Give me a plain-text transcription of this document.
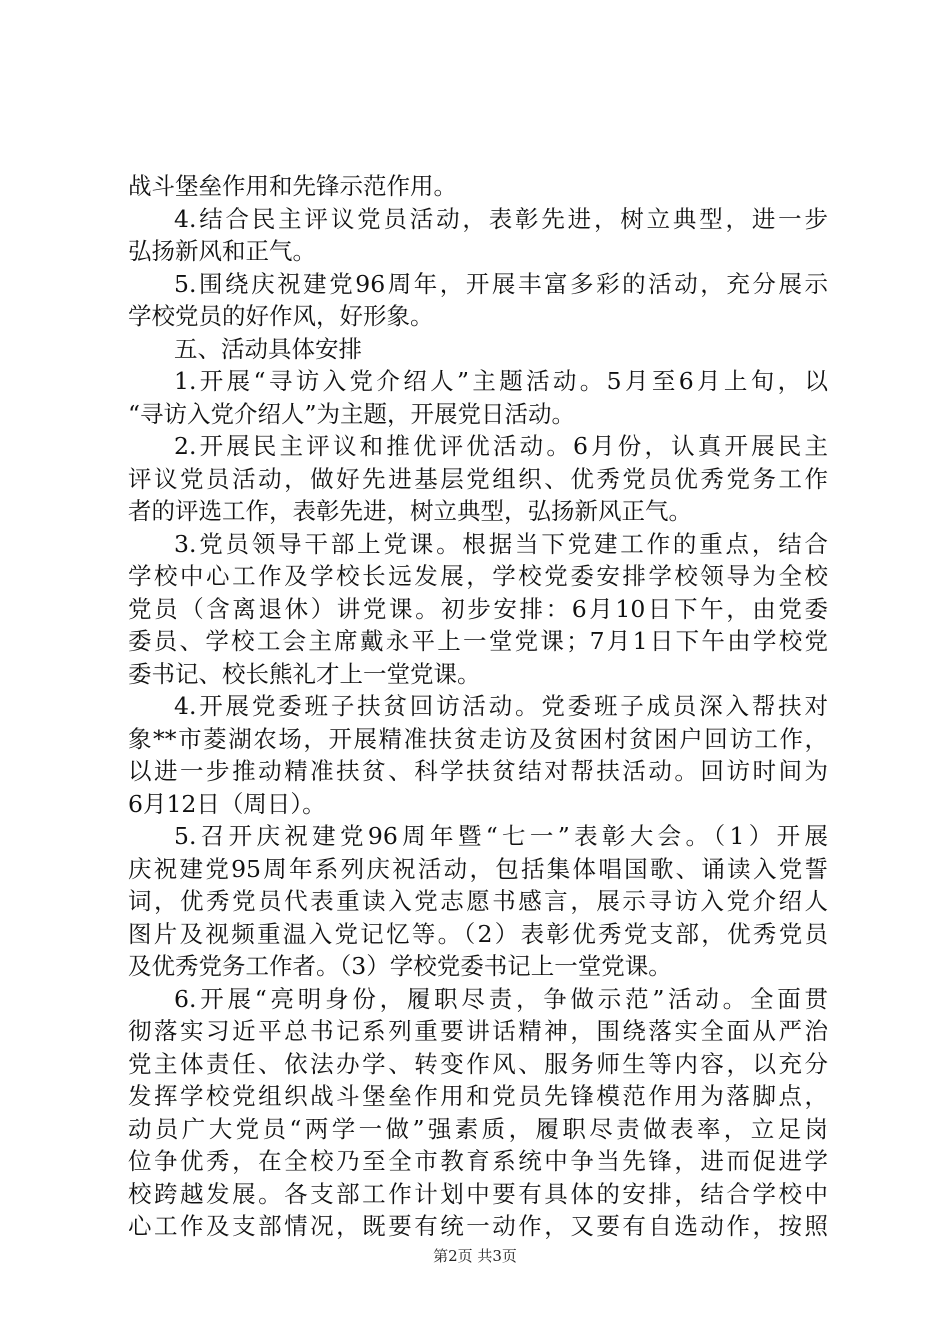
战斗堡垒作用和先锋示范作用。
4.结合民主评议党员活动，表彰先进，树立典型，进一步
弘扬新风和正气。
5.围绕庆祝建党96周年，开展丰富多彩的活动，充分展示
学校党员的好作风，好形象。
五、活动具体安排
1.开展“寻访入党介绍人”主题活动。5月至6月上旬，以
“寻访入党介绍人”为主题，开展党日活动。
2.开展民主评议和推优评优活动。6月份，认真开展民主
评议党员活动，做好先进基层党组织、优秀党员优秀党务工作
者的评选工作，表彰先进，树立典型，弘扬新风正气。
3.党员领导干部上党课。根据当下党建工作的重点，结合
学校中心工作及学校长远发展，学校党委安排学校领导为全校
党员（含离退休）讲党课。初步安排：6月10日下午，由党委
委员、学校工会主席戴永平上一堂党课；7月1日下午由学校党
委书记、校长熊礼才上一堂党课。
4.开展党委班子扶贫回访活动。党委班子成员深入帮扶对
象**市菱湖农场，开展精准扶贫走访及贫困村贫困户回访工作，
以进一步推动精准扶贫、科学扶贫结对帮扶活动。回访时间为
6月12日（周日）。
5.召开庆祝建党96周年暨“七一”表彰大会。（1）开展
庆祝建党95周年系列庆祝活动，包括集体唱国歌、诵读入党誓
词，优秀党员代表重读入党志愿书感言，展示寻访入党介绍人
图片及视频重温入党记忆等。（2）表彰优秀党支部，优秀党员
及优秀党务工作者。（3）学校党委书记上一堂党课。
6.开展“亮明身份，履职尽责，争做示范”活动。全面贯
彻落实习近平总书记系列重要讲话精神，围绕落实全面从严治
党主体责任、依法办学、转变作风、服务师生等内容，以充分
发挥学校党组织战斗堡垒作用和党员先锋模范作用为落脚点，
动员广大党员“两学一做”强素质，履职尽责做表率，立足岗
位争优秀，在全校乃至全市教育系统中争当先锋，进而促进学
校跨越发展。各支部工作计划中要有具体的安排，结合学校中
心工作及支部情况，既要有统一动作，又要有自选动作，按照
第2页 共3页
